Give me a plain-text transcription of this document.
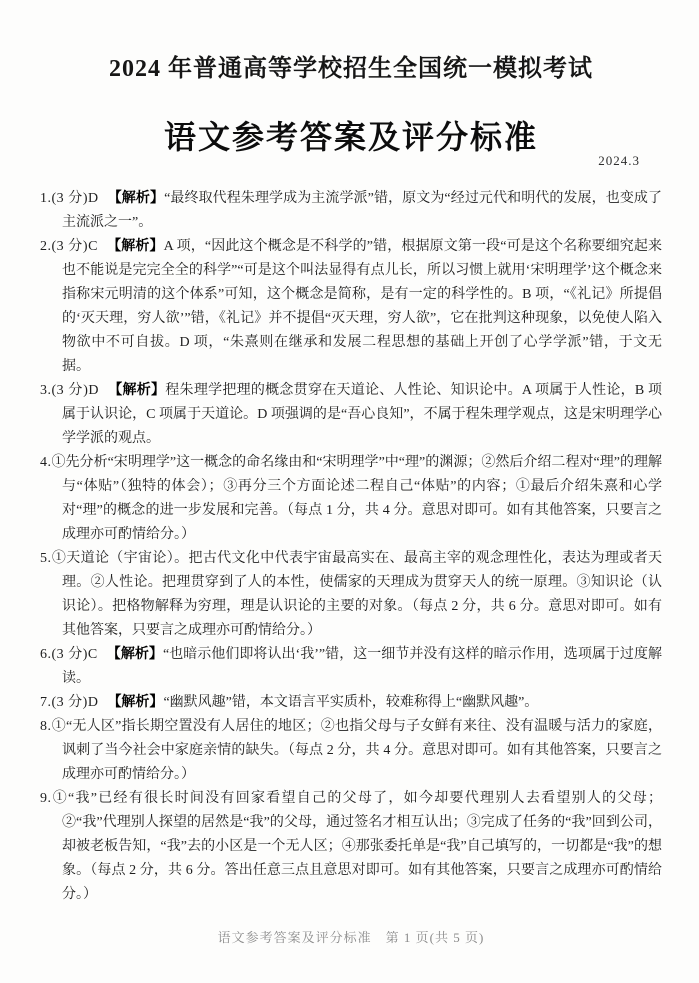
2024 年普通高等学校招生全国统一模拟考试
语文参考答案及评分标准
2024.3

1.(3 分)D 【解析】“最终取代程朱理学成为主流学派”错，原文为“经过元代和明代的发展，也变成了主流派之一”。

2.(3 分)C 【解析】A 项，“因此这个概念是不科学的”错，根据原文第一段“可是这个名称要细究起来也不能说是完完全全的科学”“可是这个叫法显得有点儿长，所以习惯上就用‘宋明理学’这个概念来指称宋元明清的这个体系”可知，这个概念是简称，是有一定的科学性的。B 项，“《礼记》所提倡的‘灭天理，穷人欲’”错，《礼记》并不提倡“灭天理，穷人欲”，它在批判这种现象，以免使人陷入物欲中不可自拔。D 项，“朱熹则在继承和发展二程思想的基础上开创了心学学派”错，于文无据。

3.(3 分)D 【解析】程朱理学把理的概念贯穿在天道论、人性论、知识论中。A 项属于人性论，B 项属于认识论，C 项属于天道论。D 项强调的是“吾心良知”，不属于程朱理学观点，这是宋明理学心学学派的观点。

4.①先分析“宋明理学”这一概念的命名缘由和“宋明理学”中“理”的渊源；②然后介绍二程对“理”的理解与“体贴”（独特的体会）；③再分三个方面论述二程自己“体贴”的内容；①最后介绍朱熹和心学对“理”的概念的进一步发展和完善。（每点 1 分，共 4 分。意思对即可。如有其他答案，只要言之成理亦可酌情给分。）

5.①天道论（宇宙论）。把古代文化中代表宇宙最高实在、最高主宰的观念理性化，表达为理或者天理。②人性论。把理贯穿到了人的本性，使儒家的天理成为贯穿天人的统一原理。③知识论（认识论）。把格物解释为穷理，理是认识论的主要的对象。（每点 2 分，共 6 分。意思对即可。如有其他答案，只要言之成理亦可酌情给分。）

6.(3 分)C 【解析】“也暗示他们即将认出‘我’”错，这一细节并没有这样的暗示作用，选项属于过度解读。

7.(3 分)D 【解析】“幽默风趣”错，本文语言平实质朴，较难称得上“幽默风趣”。

8.①“无人区”指长期空置没有人居住的地区；②也指父母与子女鲜有来往、没有温暖与活力的家庭，讽刺了当今社会中家庭亲情的缺失。（每点 2 分，共 4 分。意思对即可。如有其他答案，只要言之成理亦可酌情给分。）

9.①“我”已经有很长时间没有回家看望自己的父母了，如今却要代理别人去看望别人的父母；②“我”代理别人探望的居然是“我”的父母，通过签名才相互认出；③完成了任务的“我”回到公司，却被老板告知，“我”去的小区是一个无人区；④那张委托单是“我”自己填写的，一切都是“我”的想象。（每点 2 分，共 6 分。答出任意三点且意思对即可。如有其他答案，只要言之成理亦可酌情给分。）

语文参考答案及评分标准　第 1 页(共 5 页)
